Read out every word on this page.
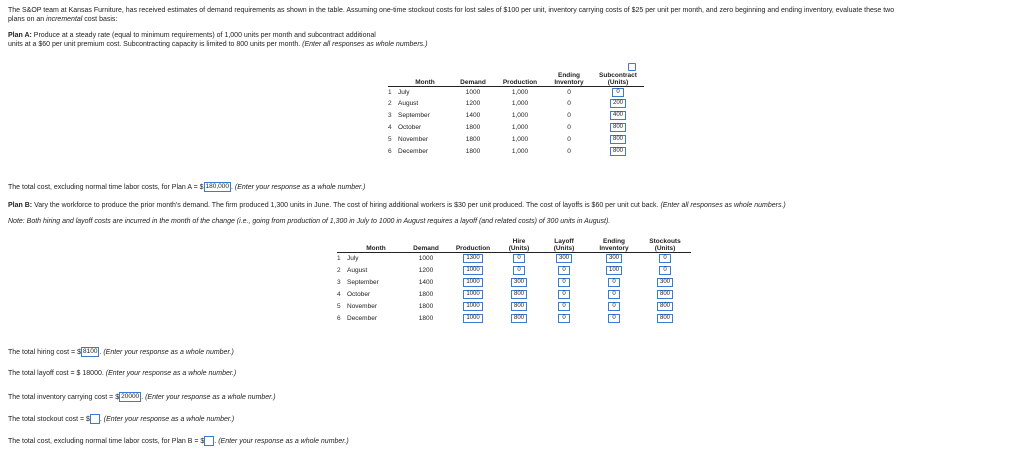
The S&OP team at Kansas Furniture, has received estimates of demand requirements as shown in the table. Assuming one-time stockout costs for lost sales of $100 per unit, inventory carrying costs of $25 per unit per month, and zero beginning and ending inventory, evaluate these two
plans on an incremental cost basis:
Plan A: Produce at a steady rate (equal to minimum requirements) of 1,000 units per month and subcontract additional
units at a $60 per unit premium cost. Subcontracting capacity is limited to 800 units per month. (Enter all responses as whole numbers.)
				Ending	Subcontract
	Month	Demand	Production	Inventory	(Units)
1	July	1000	1,000	0	0
2	August	1200	1,000	0	200
3	September	1400	1,000	0	400
4	October	1800	1,000	0	800
5	November	1800	1,000	0	800
6	December	1800	1,000	0	800
The total cost, excluding normal time labor costs, for Plan A = $ 180,000 . (Enter your response as a whole number.)
Plan B: Vary the workforce to produce the prior month's demand. The firm produced 1,300 units in June. The cost of hiring additional workers is $30 per unit produced. The cost of layoffs is $60 per unit cut back. (Enter all responses as whole numbers.)
Note: Both hiring and layoff costs are incurred in the month of the change (i.e., going from production of 1,300 in July to 1000 in August requires a layoff (and related costs) of 300 units in August).
				Hire	Layoff	Ending	Stockouts
	Month	Demand	Production	(Units)	(Units)	Inventory	(Units)
1	July	1000	1300	0	300	300	0
2	August	1200	1000	0	0	100	0
3	September	1400	1000	300	0	0	300
4	October	1800	1000	800	0	0	800
5	November	1800	1000	800	0	0	800
6	December	1800	1000	800	0	0	800
The total hiring cost = $ 8100 . (Enter your response as a whole number.)
The total layoff cost = $ 18000. (Enter your response as a whole number.)
The total inventory carrying cost = $ 20000 . (Enter your response as a whole number.)
The total stockout cost = $ . (Enter your response as a whole number.)
The total cost, excluding normal time labor costs, for Plan B = $ . (Enter your response as a whole number.)
